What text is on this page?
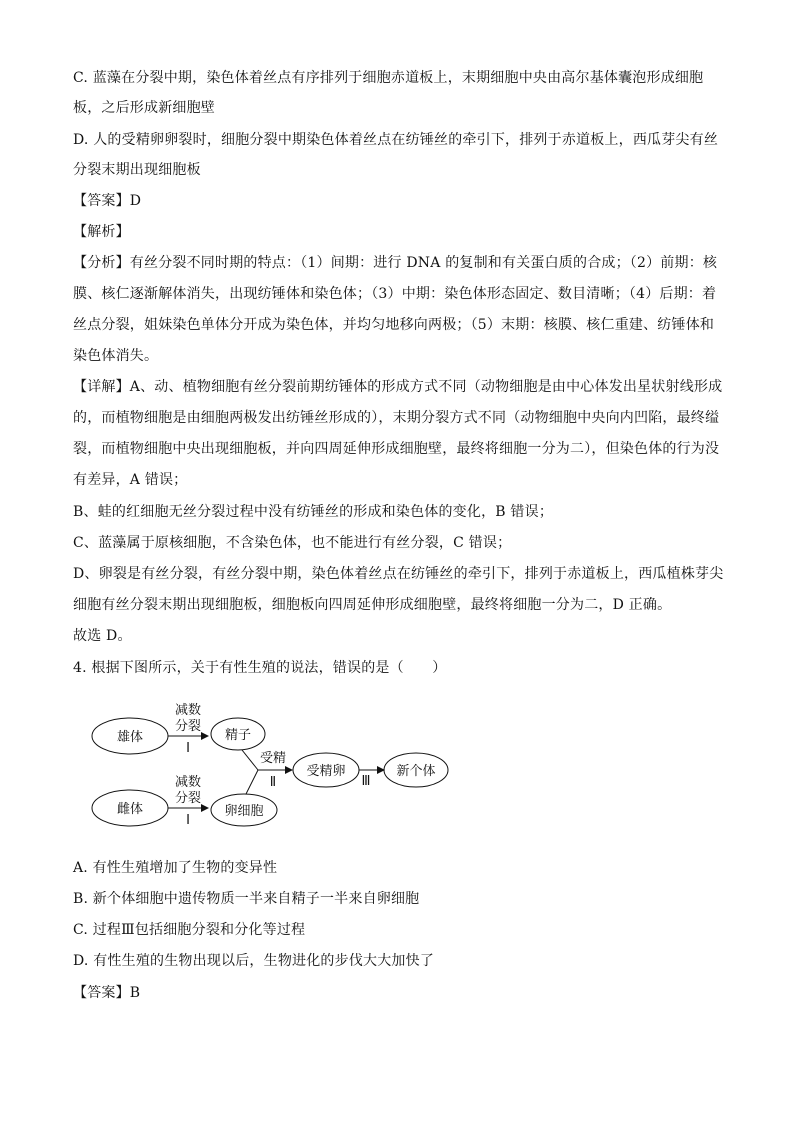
C. 蓝藻在分裂中期，染色体着丝点有序排列于细胞赤道板上，末期细胞中央由高尔基体囊泡形成细胞
板，之后形成新细胞壁
D. 人的受精卵卵裂时，细胞分裂中期染色体着丝点在纺锤丝的牵引下，排列于赤道板上，西瓜芽尖有丝
分裂末期出现细胞板
【答案】D
【解析】
【分析】有丝分裂不同时期的特点：（1）间期：进行 DNA 的复制和有关蛋白质的合成；（2）前期：核
膜、核仁逐渐解体消失，出现纺锤体和染色体；（3）中期：染色体形态固定、数目清晰；（4）后期：着
丝点分裂，姐妹染色单体分开成为染色体，并均匀地移向两极；（5）末期：核膜、核仁重建、纺锤体和
染色体消失。
【详解】A、动、植物细胞有丝分裂前期纺锤体的形成方式不同（动物细胞是由中心体发出星状射线形成
的，而植物细胞是由细胞两极发出纺锤丝形成的），末期分裂方式不同（动物细胞中央向内凹陷，最终缢
裂，而植物细胞中央出现细胞板，并向四周延伸形成细胞壁，最终将细胞一分为二），但染色体的行为没
有差异，A 错误；
B、蛙的红细胞无丝分裂过程中没有纺锤丝的形成和染色体的变化，B 错误；
C、蓝藻属于原核细胞，不含染色体，也不能进行有丝分裂，C 错误；
D、卵裂是有丝分裂，有丝分裂中期，染色体着丝点在纺锤丝的牵引下，排列于赤道板上，西瓜植株芽尖
细胞有丝分裂末期出现细胞板，细胞板向四周延伸形成细胞壁，最终将细胞一分为二，D 正确。
故选 D。
4. 根据下图所示，关于有性生殖的说法，错误的是（　　）
雄体
减数
分裂
Ⅰ
精子
雌体
减数
分裂
Ⅰ
卵细胞
受精
Ⅱ
受精卵
Ⅲ
新个体
A. 有性生殖增加了生物的变异性
B. 新个体细胞中遗传物质一半来自精子一半来自卵细胞
C. 过程Ⅲ包括细胞分裂和分化等过程
D. 有性生殖的生物出现以后，生物进化的步伐大大加快了
【答案】B
